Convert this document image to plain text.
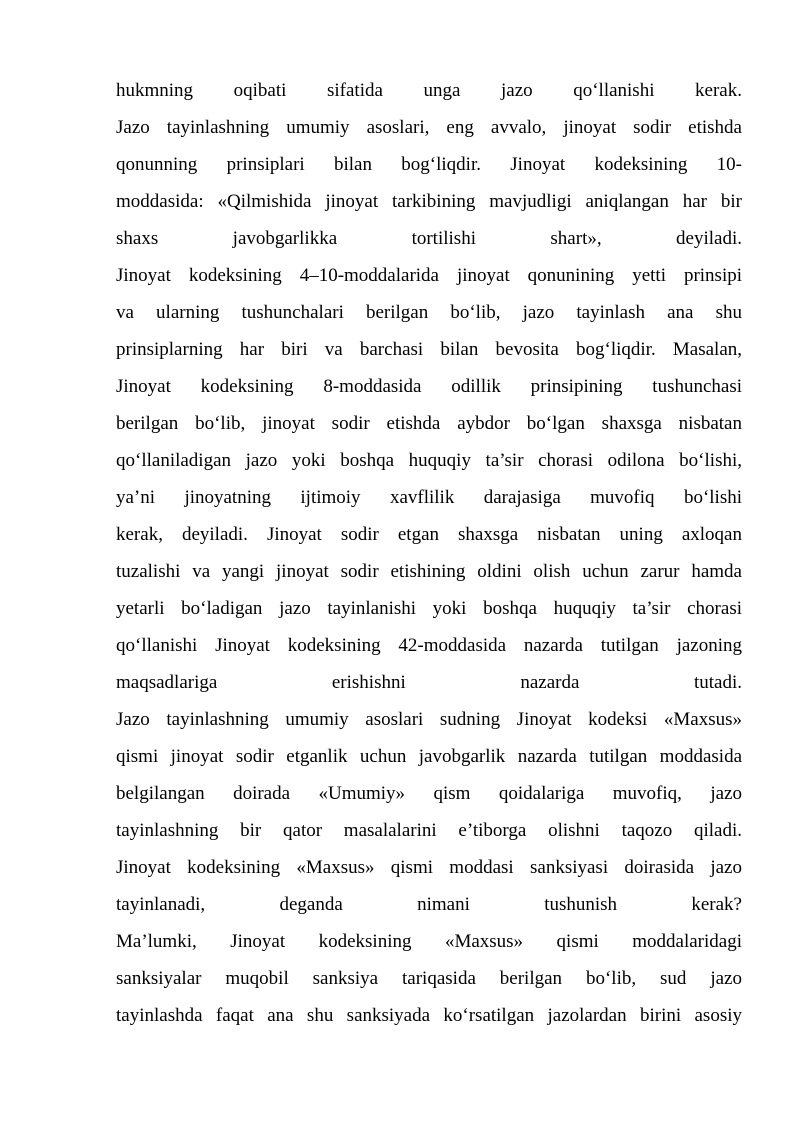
hukmning oqibati sifatida unga jazo qo‘llanishi kerak.
Jazo tayinlashning umumiy asoslari, eng avvalo, jinoyat sodir etishda
qonunning prinsiplari bilan bog‘liqdir. Jinoyat kodeksining 10-
moddasida: «Qilmishida jinoyat tarkibining mavjudligi aniqlangan har bir
shaxs javobgarlikka tortilishi shart», deyiladi.
Jinoyat kodeksining 4–10-moddalarida jinoyat qonunining yetti prinsipi
va ularning tushunchalari berilgan bo‘lib, jazo tayinlash ana shu
prinsiplarning har biri va barchasi bilan bevosita bog‘liqdir. Masalan,
Jinoyat kodeksining 8-moddasida odillik prinsipining tushunchasi
berilgan bo‘lib, jinoyat sodir etishda aybdor bo‘lgan shaxsga nisbatan
qo‘llaniladigan jazo yoki boshqa huquqiy ta’sir chorasi odilona bo‘lishi,
ya’ni jinoyatning ijtimoiy xavflilik darajasiga muvofiq bo‘lishi
kerak, deyiladi. Jinoyat sodir etgan shaxsga nisbatan uning axloqan
tuzalishi va yangi jinoyat sodir etishining oldini olish uchun zarur hamda
yetarli bo‘ladigan jazo tayinlanishi yoki boshqa huquqiy ta’sir chorasi
qo‘llanishi Jinoyat kodeksining 42-moddasida nazarda tutilgan jazoning
maqsadlariga erishishni nazarda tutadi.
Jazo tayinlashning umumiy asoslari sudning Jinoyat kodeksi «Maxsus»
qismi jinoyat sodir etganlik uchun javobgarlik nazarda tutilgan moddasida
belgilangan doirada «Umumiy» qism qoidalariga muvofiq, jazo
tayinlashning bir qator masalalarini e’tiborga olishni taqozo qiladi.
Jinoyat kodeksining «Maxsus» qismi moddasi sanksiyasi doirasida jazo
tayinlanadi, deganda nimani tushunish kerak?
Ma’lumki, Jinoyat kodeksining «Maxsus» qismi moddalaridagi
sanksiyalar muqobil sanksiya tariqasida berilgan bo‘lib, sud jazo
tayinlashda faqat ana shu sanksiyada ko‘rsatilgan jazolardan birini asosiy
